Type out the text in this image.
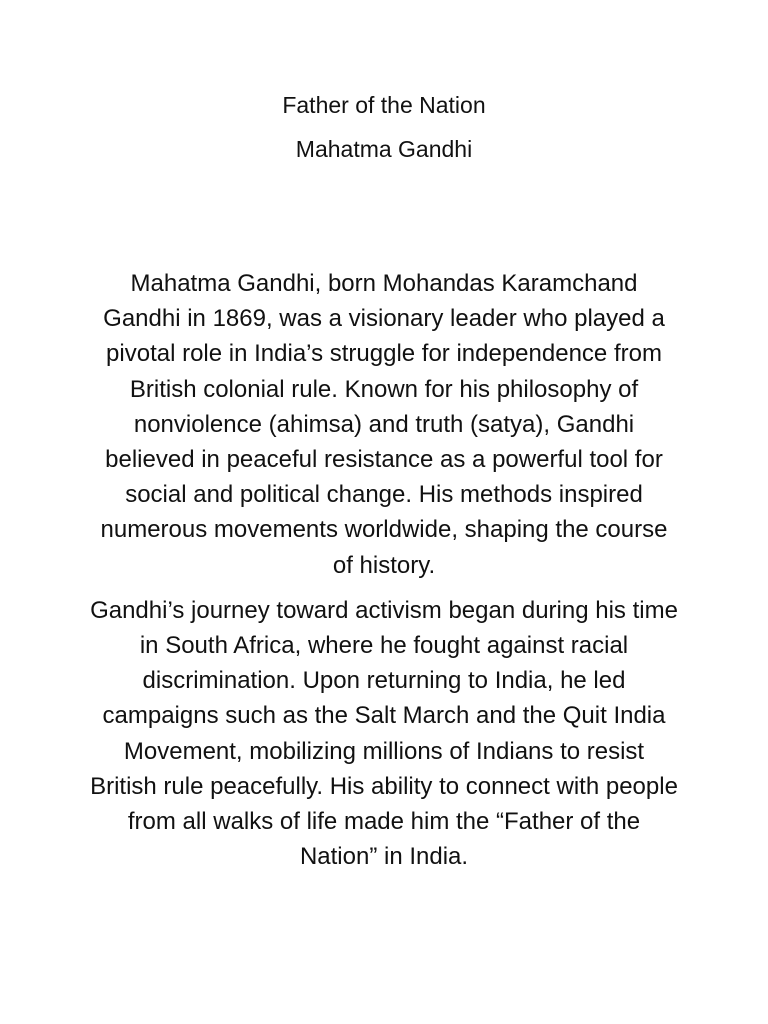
Father of the Nation

Mahatma Gandhi

Mahatma Gandhi, born Mohandas Karamchand Gandhi in 1869, was a visionary leader who played a pivotal role in India’s struggle for independence from British colonial rule. Known for his philosophy of nonviolence (ahimsa) and truth (satya), Gandhi believed in peaceful resistance as a powerful tool for social and political change. His methods inspired numerous movements worldwide, shaping the course of history.

Gandhi’s journey toward activism began during his time in South Africa, where he fought against racial discrimination. Upon returning to India, he led campaigns such as the Salt March and the Quit India Movement, mobilizing millions of Indians to resist British rule peacefully. His ability to connect with people from all walks of life made him the “Father of the Nation” in India.
